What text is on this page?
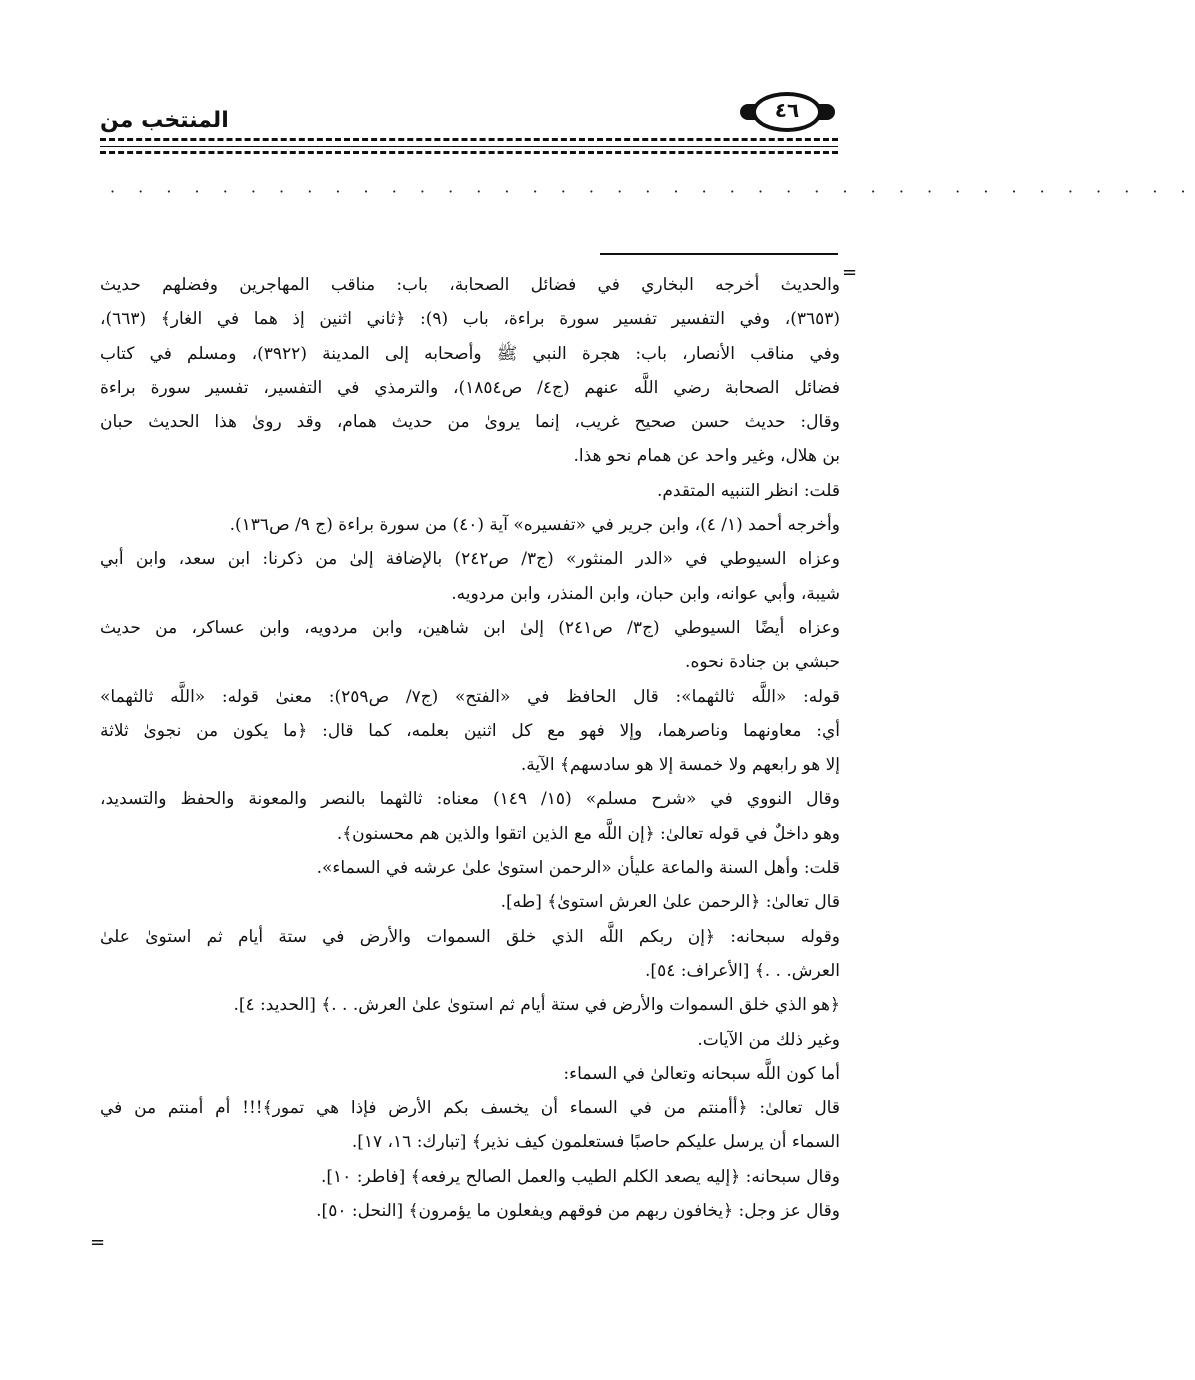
٤٦
المنتخب من
· · · · · · · · · · · · · · · · · · · · · · · · · · · · · · · · · · · · · · ·
=
=
والحديث أخرجه البخاري في فضائل الصحابة، باب: مناقب المهاجرين وفضلهم حديث
(٣٦٥٣)، وفي التفسير تفسير سورة براءة، باب (٩): ﴿ثاني اثنين إذ هما في الغار﴾ (٦٦٣)،
وفي مناقب الأنصار، باب: هجرة النبي ﷺ وأصحابه إلى المدينة (٣٩٢٢)، ومسلم في كتاب
فضائل الصحابة رضي اللَّه عنهم (ج٤/ ص١٨٥٤)، والترمذي في التفسير، تفسير سورة براءة
وقال: حديث حسن صحيح غريب، إنما يروىٰ من حديث همام، وقد روىٰ هذا الحديث حبان
بن هلال، وغير واحد عن همام نحو هذا.
قلت: انظر التنبيه المتقدم.
وأخرجه أحمد (١/ ٤)، وابن جرير في «تفسيره» آية (٤٠) من سورة براءة (ج ٩/ ص١٣٦).
وعزاه السيوطي في «الدر المنثور» (ج٣/ ص٢٤٢) بالإضافة إلىٰ من ذكرنا: ابن سعد، وابن أبي
شيبة، وأبي عوانه، وابن حبان، وابن المنذر، وابن مردويه.
وعزاه أيضًا السيوطي (ج٣/ ص٢٤١) إلىٰ ابن شاهين، وابن مردويه، وابن عساكر، من حديث
حبشي بن جنادة نحوه.
قوله: «اللَّه ثالثهما»: قال الحافظ في «الفتح» (ج٧/ ص٢٥٩): معنىٰ قوله: «اللَّه ثالثهما»
أي: معاونهما وناصرهما، وإلا فهو مع كل اثنين بعلمه، كما قال: ﴿ما يكون من نجوىٰ ثلاثة
إلا هو رابعهم ولا خمسة إلا هو سادسهم﴾ الآية.
وقال النووي في «شرح مسلم» (١٥/ ١٤٩) معناه: ثالثهما بالنصر والمعونة والحفظ والتسديد،
وهو داخلٌ في قوله تعالىٰ: ﴿إن اللَّه مع الذين اتقوا والذين هم محسنون﴾.
قلت: وأهل السنة والماعة عليأن «الرحمن استوىٰ علىٰ عرشه في السماء».
قال تعالىٰ: ﴿الرحمن علىٰ العرش استوىٰ﴾ [طه].
وقوله سبحانه: ﴿إن ربكم اللَّه الذي خلق السموات والأرض في ستة أيام ثم استوىٰ علىٰ
العرش. . .﴾ [الأعراف: ٥٤].
﴿هو الذي خلق السموات والأرض في ستة أيام ثم استوىٰ علىٰ العرش. . .﴾ [الحديد: ٤].
وغير ذلك من الآيات.
أما كون اللَّه سبحانه وتعالىٰ في السماء:
قال تعالىٰ: ﴿أأمنتم من في السماء أن يخسف بكم الأرض فإذا هي تمور﴾!!! أم أمنتم من في
السماء أن يرسل عليكم حاصبًا فستعلمون كيف نذير﴾ [تبارك: ١٦، ١٧].
وقال سبحانه: ﴿إليه يصعد الكلم الطيب والعمل الصالح يرفعه﴾ [فاطر: ١٠].
وقال عز وجل: ﴿يخافون ربهم من فوقهم ويفعلون ما يؤمرون﴾ [النحل: ٥٠].
